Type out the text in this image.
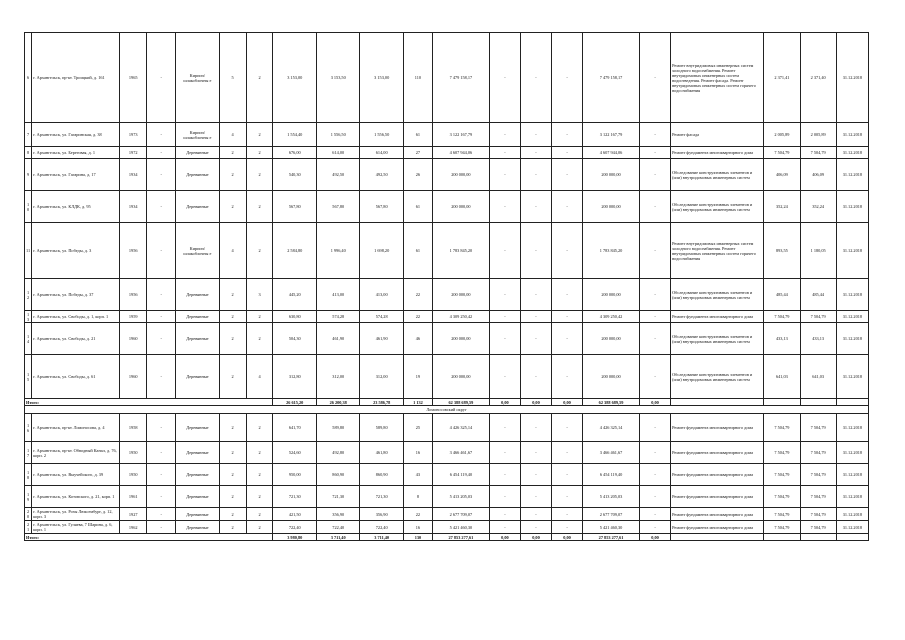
6	г. Архангельск, пр-кт. Троицкий, д. 161	1965	-	Кирпич/ шлакоблочны е	5	2	3 153,00	3 153,50	3 153,00	110	7 479 158,17	-	-	-	7 479 158,17	-	Ремонт внутридомовых инженерных систем холодного водоснабжения. Ремонт внутридомовых инженерных систем водоотведения. Ремонт фасада. Ремонт внутридомовых инженерных систем горячего водоснабжения	2 371,41	2 371,40	31.12.2018
7	г. Архангельск, ул. Гагаринская, д. 38	1973	-	Кирпич/ шлакоблочны е	4	2	1 554,40	1 556,50	1 556,50	61	3 122 167,79	-	-	-	3 122 167,79	-	Ремонт фасада	2 005,89	2 005,89	31.12.2018
8	г. Архангельск, ул. Береговая, д. 1	1972	-	Деревянные	2	2	676,00	614,00	614,00	27	4 607 944,06	-	-	-	4 607 944,06	-	Ремонт фундамента многоквартирного дома	7 504,79	7 504,79	31.12.2018
9	г. Архангельск, ул. Гагарина, д. 17	1934	-	Деревянные	2	2	540,30	492,50	492,50	26	200 000,00	-	-	-	200 000,00	-	Обследование конструктивных элементов и (или) внутридомовых инженерных систем	406,09	406,09	31.12.2018
10	г. Архангельск, ул. КЛДК, д. 95	1934	-	Деревянные	2	2	567,80	567,80	567,80	61	200 000,00	-	-	-	200 000,00	-	Обследование конструктивных элементов и (или) внутридомовых инженерных систем	352,24	352,24	31.12.2018
11	г. Архангельск, ул. Победы, д. 3	1956	-	Кирпич/ шлакоблочны е	4	2	2 584,80	1 996,40	1 698,20	61	1 783 845,20	-	-	-	1 783 845,20	-	Ремонт внутридомовых инженерных систем холодного водоснабжения. Ремонт внутридомовых инженерных систем горячего водоснабжения	893,55	1 180,05	31.12.2018
12	г. Архангельск, ул. Победы, д. 37	1956	-	Деревянные	2	3	445,20	413,00	413,00	22	200 000,00	-	-	-	200 000,00	-	Обследование конструктивных элементов и (или) внутридомовых инженерных систем	485,44	485,44	31.12.2018
13	г. Архангельск, ул. Свободы, д. 1, корп. 1	1959	-	Деревянные	2	2	630,80	574,28	574,28	22	4 309 250,42	-	-	-	4 309 250,42	-	Ремонт фундамента многоквартирного дома	7 504,79	7 504,79	31.12.2018
14	г. Архангельск, ул. Свободы, д. 21	1960	-	Деревянные	2	2	504,30	461,90	461,90	46	200 000,00	-	-	-	200 000,00	-	Обследование конструктивных элементов и (или) внутридомовых инженерных систем	433,13	433,13	31.12.2018
15	г. Архангельск, ул. Свободы, д. 61	1960	-	Деревянные	2	4	312,80	312,00	312,00	19	200 000,00	-	-	-	200 000,00	-	Обследование конструктивных элементов и (или) внутридомовых инженерных систем	641,03	641,03	31.12.2018
Итого:							26 615,20	26 200,38	23 586,78	1 132	62 388 689,59	0,00	0,00	0,00	62 388 689,59	0,00				
Ломоносовский округ																				
16	г. Архангельск, пр-кт. Ломоносова, д. 4	1958	-	Деревянные	2	2	641,70	589,80	589,80	25	4 426 325,14	-	-	-	4 426 325,14	-	Ремонт фундамента многоквартирного дома	7 504,79	7 504,79	31.12.2018
17	г. Архангельск, пр-кт. Обводный Канал, д. 76, корп. 2	1950	-	Деревянные	2	2	524,60	492,80	461,80	16	3 466 461,67	-	-	-	3 466 461,67	-	Ремонт фундамента многоквартирного дома	7 504,79	7 504,79	31.12.2018
18	г. Архангельск, ул. Выучейского, д. 39	1950	-	Деревянные	2	2	950,00	860,90	860,90	43	6 454 119,40	-	-	-	6 454 119,40	-	Ремонт фундамента многоквартирного дома	7 504,79	7 504,79	31.12.2018
19	г. Архангельск, ул. Котовского, д. 21, корп. 1	1961	-	Деревянные	2	2	721,30	721,30	721,30	8	5 413 205,03	-	-	-	5 413 205,03	-	Ремонт фундамента многоквартирного дома	7 504,79	7 504,79	31.12.2018
20	г. Архангельск, ул. Розы Люксембург, д. 12, корп. 3	1927	-	Деревянные	2	2	421,50	356,90	356,90	22	2 677 709,07	-	-	-	2 677 709,07	-	Ремонт фундамента многоквартирного дома	7 504,79	7 504,79	31.12.2018
21	г. Архангельск, ул. Гуляева, 7 Шарина, д. 6, корп. 1	1962	-	Деревянные	2	2	722,40	722,40	722,40	16	5 421 460,30	-	-	-	5 421 460,30	-	Ремонт фундамента многоквартирного дома	7 504,79	7 504,79	31.12.2018
Итого:							3 980,80	3 711,40	3 711,40	130	27 853 277,61	0,00	0,00	0,00	27 853 277,61	0,00				
